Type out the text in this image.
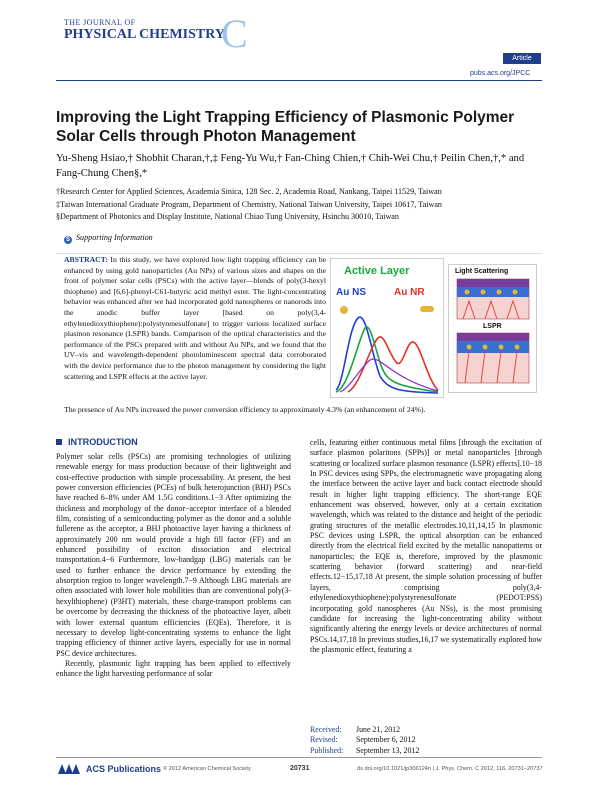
THE JOURNAL OF
PHYSICAL CHEMISTRY
C
Article
pubs.acs.org/JPCC
Improving the Light Trapping Efficiency of Plasmonic Polymer Solar Cells through Photon Management
Yu-Sheng Hsiao,† Shobhit Charan,†,‡ Feng-Yu Wu,† Fan-Ching Chien,† Chih-Wei Chu,† Peilin Chen,†,* and Fang-Chung Chen§,*
†Research Center for Applied Sciences, Academia Sinica, 128 Sec. 2, Academia Road, Nankang, Taipei 11529, Taiwan
‡Taiwan International Graduate Program, Department of Chemistry, National Taiwan University, Taipei 10617, Taiwan
§Department of Photonics and Display Institute, National Chiao Tung University, Hsinchu 30010, Taiwan
S Supporting Information
ABSTRACT: In this study, we have explored how light trapping efficiency can be enhanced by using gold nanoparticles (Au NPs) of various sizes and shapes on the front of polymer solar cells (PSCs) with the active layer—blends of poly(3-hexyl thiophene) and [6,6]-phenyl-C61-butyric acid methyl ester. The light-concentrating behavior was enhanced after we had incorporated gold nanospheres or nanorods into the anodic buffer layer [based on poly(3,4-ethylenedioxythiophene):polystyrenesulfonate] to trigger various localized surface plasmon resonance (LSPR) bands. Comparison of the optical characteristics and the performance of the PSCs prepared with and without Au NPs, and we found that the UV–vis and wavelength-dependent photoluminescent spectral data corroborated with the device performance due to the photon management by considering the light scattering and LSPR effects at the active layer.
The presence of Au NPs increased the power conversion efficiency to approximately 4.3% (an enhancement of 24%).
Active Layer
Au NS	Au NR
Light Scattering
LSPR
INTRODUCTION

Polymer solar cells (PSCs) are promising technologies of utilizing renewable energy for mass production because of their lightweight and cost-effective production with simple processability. At present, the best power conversion efficiencies (PCEs) of bulk heterojunction (BHJ) PSCs have reached 6–8% under AM 1.5G conditions.1−3 After optimizing the thickness and morphology of the donor−acceptor interface of a blended film, consisting of a semiconducting polymer as the donor and a soluble fullerene as the acceptor, a BHJ photoactive layer having a thickness of approximately 200 nm would provide a high fill factor (FF) and an enhanced possibility of exciton dissociation and electrical transportation.4−6 Furthermore, low-bandgap (LBG) materials can be used to further enhance the device performance by extending the absorption region to longer wavelength.7−9 Although LBG materials are often associated with lower hole mobilities than are conventional poly(3-hexylthiophene) (P3HT) materials, these charge-transport problems can be overcome by decreasing the thickness of the photoactive layer, albeit with lower external quantum efficiencies (EQEs). Therefore, it is necessary to develop light-concentrating systems to enhance the light trapping efficiency of thinner active layers, especially for use in normal PSC device architectures.

Recently, plasmonic light trapping has been applied to effectively enhance the light harvesting performance of solar

cells, featuring either continuous metal films [through the excitation of surface plasmon polaritons (SPPs)] or metal nanoparticles [through scattering or localized surface plasmon resonance (LSPR) effects].10−18 In PSC devices using SPPs, the electromagnetic wave propagating along the interface between the active layer and back contact electrode should result in higher light trapping efficiency. The short-range EQE enhancement was observed, however, only at a certain excitation wavelength, which was related to the distance and height of the periodic grating structures of the metallic electrodes.10,11,14,15 In plasmonic PSC devices using LSPR, the optical absorption can be enhanced directly from the electrical field excited by the metallic nanopatterns or nanoparticles; the EQE is, therefore, improved by the plasmonic scattering behavior (forward scattering) and near-field effects.12−15,17,18 At present, the simple solution processing of buffer layers, comprising poly(3,4-ethylenedioxythiophene):polystyrenesulfonate (PEDOT:PSS) incorporating gold nanospheres (Au NSs), is the most promising candidate for increasing the light-concentrating ability without significantly altering the energy levels or device architectures of normal PSCs.14,17,18 In previous studies,16,17 we systematically explored how the plasmonic effect, featuring a

Received: June 21, 2012
Revised: September 6, 2012
Published: September 13, 2012
ACS Publications © 2012 American Chemical Society	20731	dx.doi.org/10.1021/jp306124n | J. Phys. Chem. C 2012, 116, 20731−20737
